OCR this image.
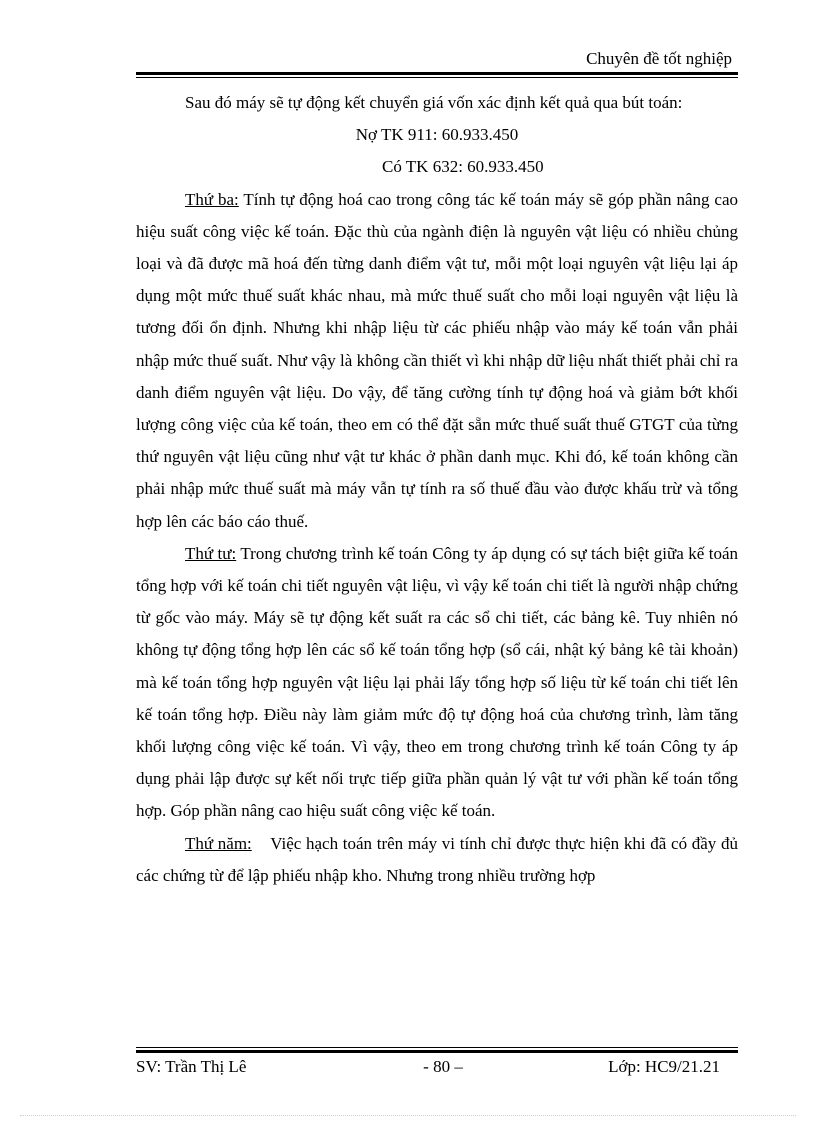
Chuyên đề tốt nghiệp

Sau đó máy sẽ tự động kết chuyển giá vốn xác định kết quả qua bút toán:

Nợ TK 911: 60.933.450

Có TK 632: 60.933.450

Thứ ba: Tính tự động hoá cao trong công tác kế toán máy sẽ góp phần nâng cao hiệu suất công việc kế toán. Đặc thù của ngành điện là nguyên vật liệu có nhiều chủng loại và đã được mã hoá đến từng danh điểm vật tư, mỗi một loại nguyên vật liệu lại áp dụng một mức thuế suất khác nhau, mà mức thuế suất cho mỗi loại nguyên vật liệu là tương đối ổn định. Nhưng khi nhập liệu từ các phiếu nhập vào máy kế toán vẫn phải nhập mức thuế suất. Như vậy là không cần thiết vì khi nhập dữ liệu nhất thiết phải chỉ ra danh điểm nguyên vật liệu. Do vậy, để tăng cường tính tự động hoá và giảm bớt khối lượng công việc của kế toán, theo em có thể đặt sẵn mức thuế suất thuế GTGT của từng thứ nguyên vật liệu cũng như vật tư khác ở phần danh mục. Khi đó, kế toán không cần phải nhập mức thuế suất mà máy vẫn tự tính ra số thuế đầu vào được khấu trừ và tổng hợp lên các báo cáo thuế.

Thứ tư: Trong chương trình kế toán Công ty áp dụng có sự tách biệt giữa kế toán tổng hợp với kế toán chi tiết nguyên vật liệu, vì vậy kế toán chi tiết là người nhập chứng từ gốc vào máy. Máy sẽ tự động kết suất ra các sổ chi tiết, các bảng kê. Tuy nhiên nó không tự động tổng hợp lên các sổ kế toán tổng hợp (sổ cái, nhật ký bảng kê tài khoản) mà kế toán tổng hợp nguyên vật liệu lại phải lấy tổng hợp số liệu từ kế toán chi tiết lên kế toán tổng hợp. Điều này làm giảm mức độ tự động hoá của chương trình, làm tăng khối lượng công việc kế toán. Vì vậy, theo em trong chương trình kế toán Công ty áp dụng phải lập được sự kết nối trực tiếp giữa phần quản lý vật tư với phần kế toán tổng hợp. Góp phần nâng cao hiệu suất công việc kế toán.

Thứ năm:    Việc hạch toán trên máy vi tính chỉ được thực hiện khi đã có đầy đủ các chứng từ để lập phiếu nhập kho. Nhưng trong nhiều trường hợp

SV: Trần Thị Lê	- 80 –	Lớp: HC9/21.21
